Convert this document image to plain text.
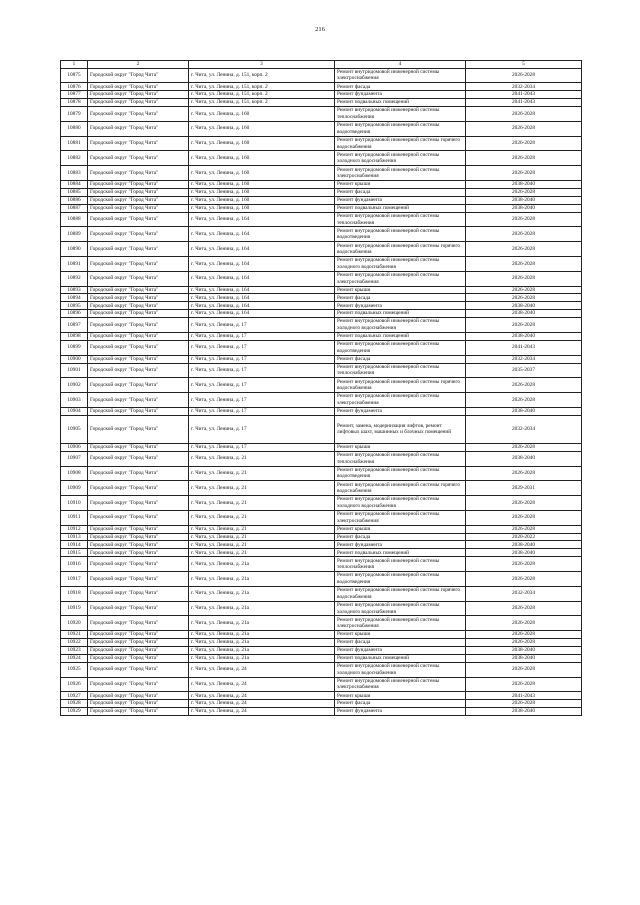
216
1	2	3	4	5
10875	Городской округ "Город Чита"	г. Чита, ул. Ленина, д. 151, корп. 2	Ремонт внутридомовой инженерной системы электроснабжения	2026-2028
10876	Городской округ "Город Чита"	г. Чита, ул. Ленина, д. 151, корп. 2	Ремонт фасада	2032-2034
10877	Городской округ "Город Чита"	г. Чита, ул. Ленина, д. 151, корп. 2	Ремонт фундамента	2041-2043
10878	Городской округ "Город Чита"	г. Чита, ул. Ленина, д. 151, корп. 2	Ремонт подвальных помещений	2041-2043
10879	Городской округ "Город Чита"	г. Чита, ул. Ленина, д. 160	Ремонт внутридомовой инженерной системы теплоснабжения	2026-2028
10880	Городской округ "Город Чита"	г. Чита, ул. Ленина, д. 160	Ремонт внутридомовой инженерной системы водоотведения	2026-2028
10881	Городской округ "Город Чита"	г. Чита, ул. Ленина, д. 160	Ремонт внутридомовой инженерной системы горячего водоснабжения	2026-2028
10882	Городской округ "Город Чита"	г. Чита, ул. Ленина, д. 160	Ремонт внутридомовой инженерной системы холодного водоснабжения	2026-2028
10883	Городской округ "Город Чита"	г. Чита, ул. Ленина, д. 160	Ремонт внутридомовой инженерной системы электроснабжения	2026-2028
10884	Городской округ "Город Чита"	г. Чита, ул. Ленина, д. 160	Ремонт крыши	2038-2040
10885	Городской округ "Город Чита"	г. Чита, ул. Ленина, д. 160	Ремонт фасада	2026-2028
10886	Городской округ "Город Чита"	г. Чита, ул. Ленина, д. 160	Ремонт фундамента	2038-2040
10887	Городской округ "Город Чита"	г. Чита, ул. Ленина, д. 160	Ремонт подвальных помещений	2038-2040
10888	Городской округ "Город Чита"	г. Чита, ул. Ленина, д. 164	Ремонт внутридомовой инженерной системы теплоснабжения	2026-2028
10889	Городской округ "Город Чита"	г. Чита, ул. Ленина, д. 164	Ремонт внутридомовой инженерной системы водоотведения	2026-2028
10890	Городской округ "Город Чита"	г. Чита, ул. Ленина, д. 164	Ремонт внутридомовой инженерной системы горячего водоснабжения	2026-2028
10891	Городской округ "Город Чита"	г. Чита, ул. Ленина, д. 164	Ремонт внутридомовой инженерной системы холодного водоснабжения	2026-2028
10892	Городской округ "Город Чита"	г. Чита, ул. Ленина, д. 164	Ремонт внутридомовой инженерной системы электроснабжения	2026-2028
10893	Городской округ "Город Чита"	г. Чита, ул. Ленина, д. 164	Ремонт крыши	2026-2028
10894	Городской округ "Город Чита"	г. Чита, ул. Ленина, д. 164	Ремонт фасада	2026-2028
10895	Городской округ "Город Чита"	г. Чита, ул. Ленина, д. 164	Ремонт фундамента	2038-2040
10896	Городской округ "Город Чита"	г. Чита, ул. Ленина, д. 164	Ремонт подвальных помещений	2038-2040
10897	Городской округ "Город Чита"	г. Чита, ул. Ленина, д. 17	Ремонт внутридомовой инженерной системы холодного водоснабжения	2026-2028
10898	Городской округ "Город Чита"	г. Чита, ул. Ленина, д. 17	Ремонт подвальных помещений	2038-2040
10899	Городской округ "Город Чита"	г. Чита, ул. Ленина, д. 17	Ремонт внутридомовой инженерной системы водоотведения	2041-2043
10900	Городской округ "Город Чита"	г. Чита, ул. Ленина, д. 17	Ремонт фасада	2032-2034
10901	Городской округ "Город Чита"	г. Чита, ул. Ленина, д. 17	Ремонт внутридомовой инженерной системы теплоснабжения	2035-2037
10902	Городской округ "Город Чита"	г. Чита, ул. Ленина, д. 17	Ремонт внутридомовой инженерной системы горячего водоснабжения	2026-2028
10903	Городской округ "Город Чита"	г. Чита, ул. Ленина, д. 17	Ремонт внутридомовой инженерной системы электроснабжения	2026-2028
10904	Городской округ "Город Чита"	г. Чита, ул. Ленина, д. 17	Ремонт фундамента	2038-2040
10905	Городской округ "Город Чита"	г. Чита, ул. Ленина, д. 17	Ремонт, замена, модернизация лифтов, ремонт лифтовых шахт, машинных и блочных помещений	2032-2034
10906	Городской округ "Город Чита"	г. Чита, ул. Ленина, д. 17	Ремонт крыши	2026-2028
10907	Городской округ "Город Чита"	г. Чита, ул. Ленина, д. 21	Ремонт внутридомовой инженерной системы теплоснабжения	2038-2040
10908	Городской округ "Город Чита"	г. Чита, ул. Ленина, д. 21	Ремонт внутридомовой инженерной системы водоотведения	2026-2028
10909	Городской округ "Город Чита"	г. Чита, ул. Ленина, д. 21	Ремонт внутридомовой инженерной системы горячего водоснабжения	2029-2031
10910	Городской округ "Город Чита"	г. Чита, ул. Ленина, д. 21	Ремонт внутридомовой инженерной системы холодного водоснабжения	2026-2028
10911	Городской округ "Город Чита"	г. Чита, ул. Ленина, д. 21	Ремонт внутридомовой инженерной системы электроснабжения	2026-2028
10912	Городской округ "Город Чита"	г. Чита, ул. Ленина, д. 21	Ремонт крыши	2026-2028
10913	Городской округ "Город Чита"	г. Чита, ул. Ленина, д. 21	Ремонт фасада	2020-2022
10914	Городской округ "Город Чита"	г. Чита, ул. Ленина, д. 21	Ремонт фундамента	2038-2040
10915	Городской округ "Город Чита"	г. Чита, ул. Ленина, д. 21	Ремонт подвальных помещений	2038-2040
10916	Городской округ "Город Чита"	г. Чита, ул. Ленина, д. 21а	Ремонт внутридомовой инженерной системы теплоснабжения	2026-2028
10917	Городской округ "Город Чита"	г. Чита, ул. Ленина, д. 21а	Ремонт внутридомовой инженерной системы водоотведения	2026-2028
10918	Городской округ "Город Чита"	г. Чита, ул. Ленина, д. 21а	Ремонт внутридомовой инженерной системы горячего водоснабжения	2032-2034
10919	Городской округ "Город Чита"	г. Чита, ул. Ленина, д. 21а	Ремонт внутридомовой инженерной системы холодного водоснабжения	2026-2028
10920	Городской округ "Город Чита"	г. Чита, ул. Ленина, д. 21а	Ремонт внутридомовой инженерной системы электроснабжения	2026-2028
10921	Городской округ "Город Чита"	г. Чита, ул. Ленина, д. 21а	Ремонт крыши	2026-2028
10922	Городской округ "Город Чита"	г. Чита, ул. Ленина, д. 21а	Ремонт фасада	2026-2028
10923	Городской округ "Город Чита"	г. Чита, ул. Ленина, д. 21а	Ремонт фундамента	2038-2040
10924	Городской округ "Город Чита"	г. Чита, ул. Ленина, д. 21а	Ремонт подвальных помещений	2038-2040
10925	Городской округ "Город Чита"	г. Чита, ул. Ленина, д. 24	Ремонт внутридомовой инженерной системы холодного водоснабжения	2026-2028
10926	Городской округ "Город Чита"	г. Чита, ул. Ленина, д. 24	Ремонт внутридомовой инженерной системы электроснабжения	2026-2028
10927	Городской округ "Город Чита"	г. Чита, ул. Ленина, д. 24	Ремонт крыши	2041-2043
10928	Городской округ "Город Чита"	г. Чита, ул. Ленина, д. 24	Ремонт фасада	2026-2028
10929	Городской округ "Город Чита"	г. Чита, ул. Ленина, д. 24	Ремонт фундамента	2038-2040
